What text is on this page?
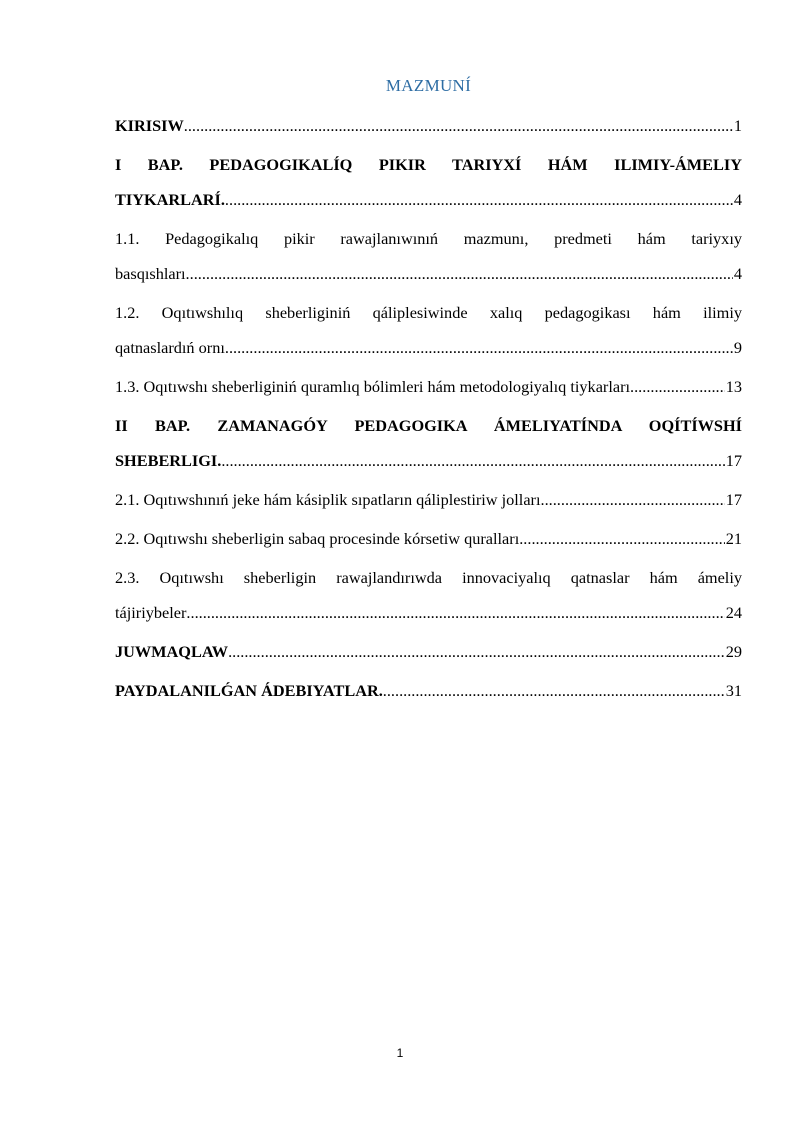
MAZMUNÍ
KIRISIW .....	1
I BAP. PEDAGOGIKALÍQ PIKIR TARIYXÍ HÁM ILIMIY-ÁMELIY
TIYKARLARÍ. .....	4
1.1. Pedagogikalıq pikir rawajlanıwınıń mazmunı, predmeti hám tariyxıy
basqıshları .....	4
1.2. Oqıtıwshılıq sheberliginiń qáliplesiwinde xalıq pedagogikası hám ilimiy
qatnaslardıń ornı .....	9
1.3. Oqıtıwshı sheberliginiń quramlıq bólimleri hám metodologiyalıq tiykarları. .....	13
II BAP. ZAMANAGÓY PEDAGOGIKA ÁMELIYATÍNDA OQÍTÍWSHÍ
SHEBERLIGI. .....	17
2.1. Oqıtıwshınıń jeke hám kásiplik sıpatların qáliplestiriw jolları .....	17
2.2. Oqıtıwshı sheberligin sabaq procesinde kórsetiw quralları .....	21
2.3. Oqıtıwshı sheberligin rawajlandırıwda innovaciyalıq qatnaslar hám ámeliy
tájiriybeler .....	24
JUWMAQLAW .....	29
PAYDALANILǴAN ÁDEBIYATLAR. .....	31
1
